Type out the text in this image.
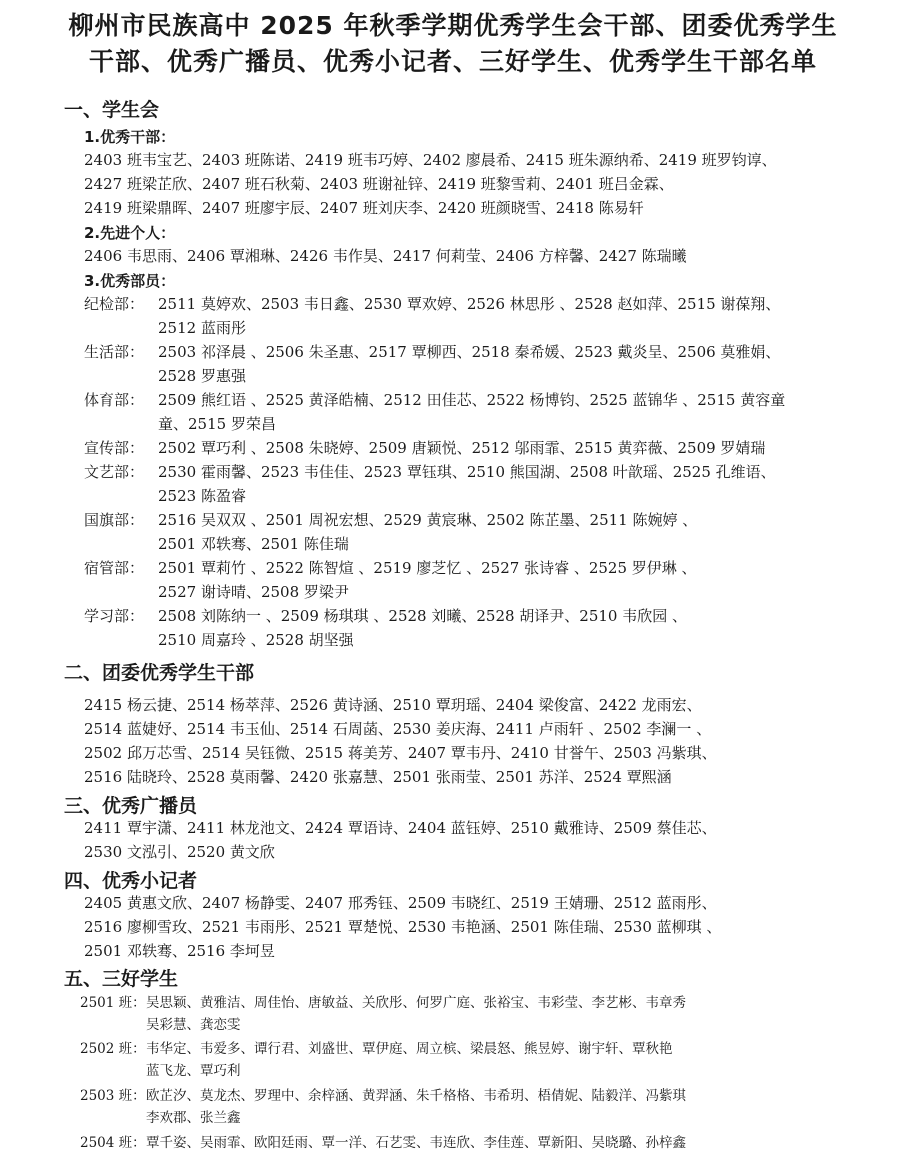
柳州市民族高中 2025 年秋季学期优秀学生会干部、团委优秀学生
干部、优秀广播员、优秀小记者、三好学生、优秀学生干部名单
一、学生会
1.优秀干部：
2403 班韦宝艺、2403 班陈诺、2419 班韦巧婷、2402 廖晨希、2415 班朱源纳希、2419 班罗钧谆、
2427 班梁芷欣、2407 班石秋菊、2403 班谢祉锌、2419 班黎雪莉、2401 班吕金霖、
2419 班梁鼎晖、2407 班廖宇辰、2407 班刘庆李、2420 班颜晓雪、2418 陈易轩
2.先进个人：
2406 韦思雨、2406 覃湘琳、2426 韦作昊、2417 何莉莹、2406 方梓馨、2427 陈瑞曦
3.优秀部员：
纪检部： 2511 莫婷欢、2503 韦日鑫、2530 覃欢婷、2526 林思彤 、2528 赵如萍、2515 谢葆翔、
2512 蓝雨彤
生活部： 2503 祁泽晨 、2506 朱圣惠、2517 覃柳西、2518 秦希媛、2523 戴炎呈、2506 莫雅娟、
2528 罗惠强
体育部： 2509 熊红语 、2525 黄泽皓楠、2512 田佳芯、2522 杨博钧、2525 蓝锦华 、2515 黄容童
童、2515 罗荣昌
宣传部： 2502 覃巧利 、2508 朱晓婷、2509 唐颖悦、2512 邬雨霏、2515 黄弈薇、2509 罗婧瑞
文艺部： 2530 霍雨馨、2523 韦佳佳、2523 覃钰琪、2510 熊国湖、2508 叶歆瑶、2525 孔维语、
2523 陈盈睿
国旗部： 2516 吴双双 、2501 周祝宏想、2529 黄宸琳、2502 陈芷墨、2511 陈婉婷 、
2501 邓轶骞、2501 陈佳瑞
宿管部： 2501 覃莉竹 、2522 陈智煊 、2519 廖芝忆 、2527 张诗睿 、2525 罗伊琳 、
2527 谢诗晴、2508 罗梁尹
学习部： 2508 刘陈纳一 、2509 杨琪琪 、2528 刘曦、2528 胡译尹、2510 韦欣园 、
2510 周嘉玲 、2528 胡坚强
二、团委优秀学生干部
2415 杨云捷、2514 杨萃萍、2526 黄诗涵、2510 覃玥瑶、2404 梁俊富、2422 龙雨宏、
2514 蓝婕妤、2514 韦玉仙、2514 石周菡、2530 姜庆海、2411 卢雨轩 、2502 李澜一 、
2502 邱万芯雪、2514 吴钰微、2515 蒋美芳、2407 覃韦丹、2410 甘誉午、2503 冯紫琪、
2516 陆晓玲、2528 莫雨馨、2420 张嘉慧、2501 张雨莹、2501 苏洋、2524 覃熙涵
三、优秀广播员
2411 覃宇潇、2411 林龙池文、2424 覃语诗、2404 蓝钰婷、2510 戴雅诗、2509 蔡佳芯、
2530 文泓引、2520 黄文欣
四、优秀小记者
2405 黄惠文欣、2407 杨静雯、2407 邢秀钰、2509 韦晓红、2519 王婧珊、2512 蓝雨彤、
2516 廖柳雪玫、2521 韦雨彤、2521 覃楚悦、2530 韦艳涵、2501 陈佳瑞、2530 蓝柳琪 、
2501 邓轶骞、2516 李坷昱
五、三好学生
2501 班：吴思颖、黄雅洁、周佳怡、唐敏益、关欣彤、何罗广庭、张裕宝、韦彩莹、李艺彬、韦章秀
吴彩慧、龚恋雯
2502 班：韦华定、韦爱多、谭行君、刘盛世、覃伊庭、周立槟、梁晨怒、熊昱婷、谢宇轩、覃秋艳
蓝飞龙、覃巧利
2503 班：欧芷汐、莫龙杰、罗理中、余梓涵、黄羿涵、朱千格格、韦希玥、梧倩妮、陆毅洋、冯紫琪
李欢郡、张兰鑫
2504 班：覃千姿、吴雨霏、欧阳廷雨、覃一洋、石艺雯、韦连欣、李佳莲、覃新阳、吴晓璐、孙梓鑫
